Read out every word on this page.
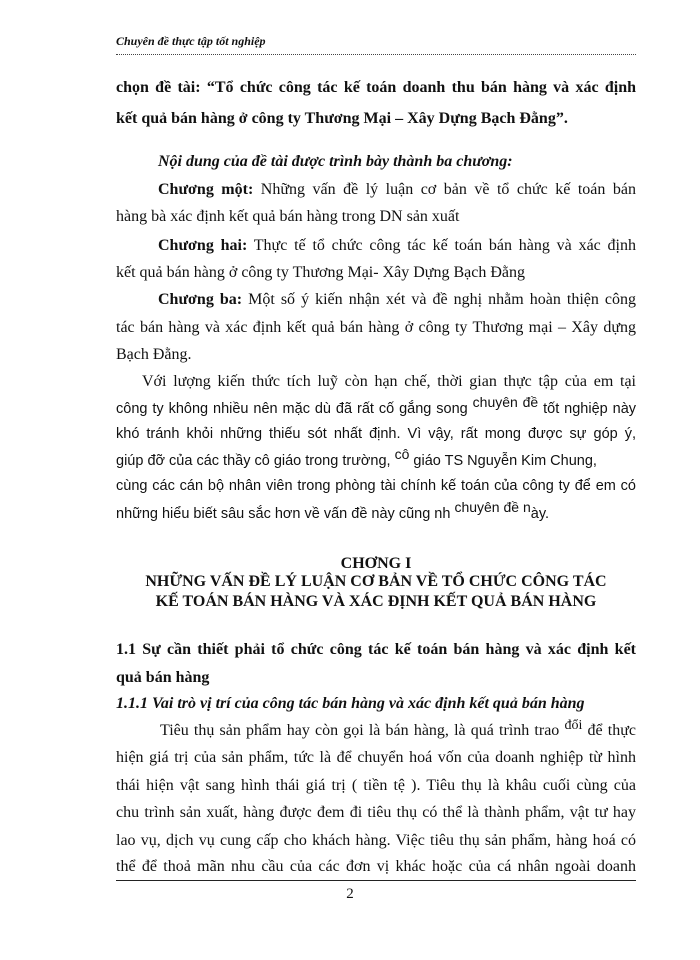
Chuyên đề thực tập tốt nghiệp
chọn đề tài: “Tổ chức công tác kế toán doanh thu bán hàng và xác định
kết quả bán hàng ở công ty Thương Mại – Xây Dựng Bạch Đằng”.
Nội dung của đề tài được trình bày thành ba chương:
Chương một: Những vấn đề lý luận cơ bản về tổ chức kế toán bán
hàng bà xác định kết quả bán hàng trong DN sản xuất
Chương hai: Thực tế tổ chức công tác kế toán bán hàng và xác định
kết quả bán hàng ở công ty Thương Mại- Xây Dựng Bạch Đằng
Chương ba: Một số ý kiến nhận xét và đề nghị nhằm hoàn thiện công
tác bán hàng và xác định kết quả bán hàng ở công ty Thương mại – Xây dựng
Bạch Đằng.
Với lượng kiến thức tích luỹ còn hạn chế, thời gian thực tập của em tại
công ty không nhiều nên mặc dù đã rất cố gắng song chuyên đề tốt nghiệp này
khó tránh khỏi những thiếu sót nhất định. Vì vậy, rất mong được sự góp ý,
giúp đỡ của các thầy cô giáo trong trường, cô giáo TS Nguyễn Kim Chung,
cùng các cán bộ nhân viên trong phòng tài chính kế toán của công ty để em có
những hiểu biết sâu sắc hơn về vấn đề này cũng nh chuyên đề này.
CHƠNG I
NHỮNG VẤN ĐỀ LÝ LUẬN CƠ BẢN VỀ TỔ CHỨC CÔNG TÁC
KẾ TOÁN BÁN HÀNG VÀ XÁC ĐỊNH KẾT QUẢ BÁN HÀNG
1.1 Sự cần thiết phải tổ chức công tác kế toán bán hàng và xác định kết
quả bán hàng
1.1.1 Vai trò vị trí của công tác bán hàng và xác định kết quả bán hàng
Tiêu thụ sản phẩm hay còn gọi là bán hàng, là quá trình trao đổi để thực
hiện giá trị của sản phẩm, tức là để chuyển hoá vốn của doanh nghiệp từ hình
thái hiện vật sang hình thái giá trị ( tiền tệ ). Tiêu thụ là khâu cuối cùng của
chu trình sản xuất, hàng được đem đi tiêu thụ có thể là thành phẩm, vật tư hay
lao vụ, dịch vụ cung cấp cho khách hàng. Việc tiêu thụ sản phẩm, hàng hoá có
thể để thoả mãn nhu cầu của các đơn vị khác hoặc của cá nhân ngoài doanh
2
